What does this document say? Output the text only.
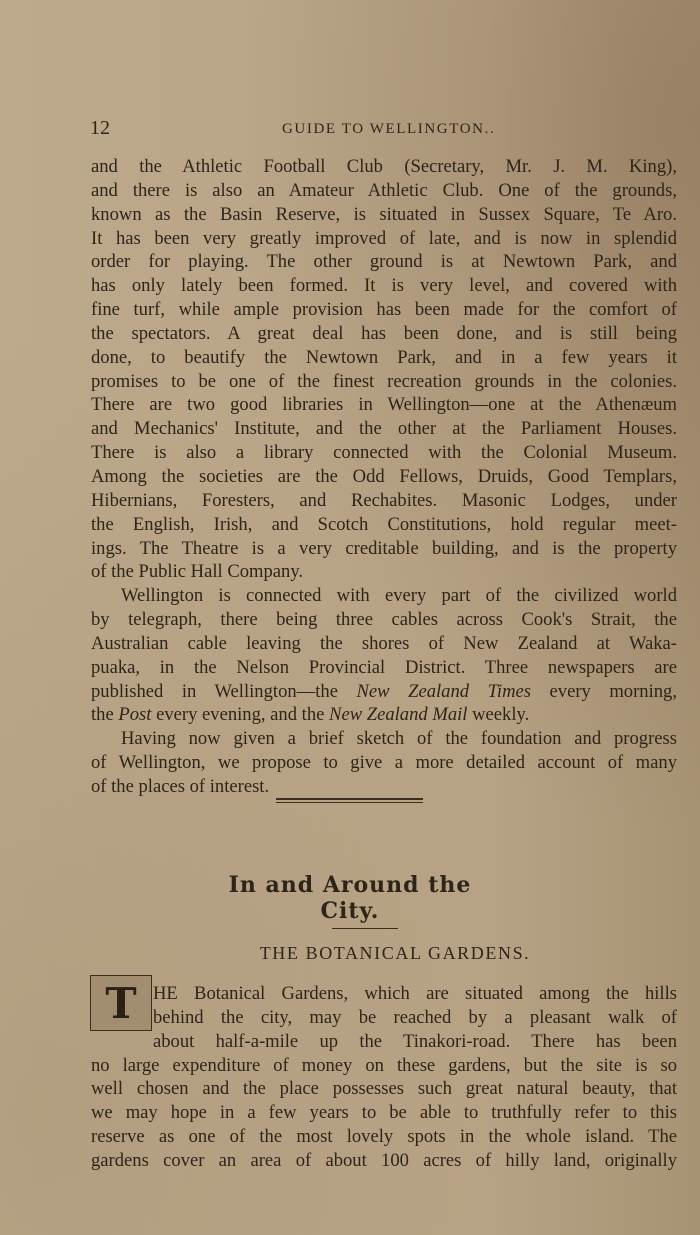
12	GUIDE TO WELLINGTON..
and the Athletic Football Club (Secretary, Mr. J. M. King),
and there is also an Amateur Athletic Club. One of the grounds,
known as the Basin Reserve, is situated in Sussex Square, Te Aro.
It has been very greatly improved of late, and is now in splendid
order for playing. The other ground is at Newtown Park, and
has only lately been formed. It is very level, and covered with
fine turf, while ample provision has been made for the comfort of
the spectators. A great deal has been done, and is still being
done, to beautify the Newtown Park, and in a few years it
promises to be one of the finest recreation grounds in the colonies.
There are two good libraries in Wellington—one at the Athenæum
and Mechanics' Institute, and the other at the Parliament Houses.
There is also a library connected with the Colonial Museum.
Among the societies are the Odd Fellows, Druids, Good Templars,
Hibernians, Foresters, and Rechabites. Masonic Lodges, under
the English, Irish, and Scotch Constitutions, hold regular meet-
ings. The Theatre is a very creditable building, and is the property
of the Public Hall Company.
Wellington is connected with every part of the civilized world
by telegraph, there being three cables across Cook's Strait, the
Australian cable leaving the shores of New Zealand at Waka-
puaka, in the Nelson Provincial District. Three newspapers are
published in Wellington—the New Zealand Times every morning,
the Post every evening, and the New Zealand Mail weekly.
Having now given a brief sketch of the foundation and progress
of Wellington, we propose to give a more detailed account of many
of the places of interest.
In and Around the City.
THE BOTANICAL GARDENS.
T HE Botanical Gardens, which are situated among the hills
behind the city, may be reached by a pleasant walk of
about half-a-mile up the Tinakori-road. There has been
no large expenditure of money on these gardens, but the site is so
well chosen and the place possesses such great natural beauty, that
we may hope in a few years to be able to truthfully refer to this
reserve as one of the most lovely spots in the whole island. The
gardens cover an area of about 100 acres of hilly land, originally
